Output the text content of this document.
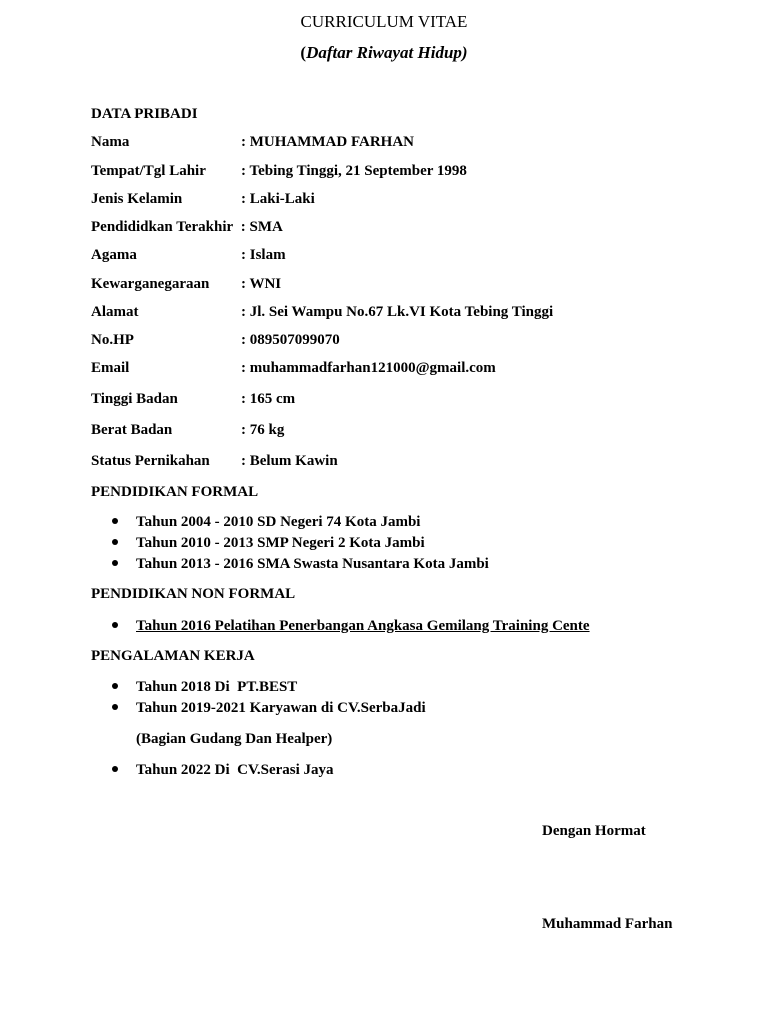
CURRICULUM VITAE
(Daftar Riwayat Hidup)
DATA PRIBADI
Nama	: MUHAMMAD FARHAN
Tempat/Tgl Lahir : Tebing Tinggi, 21 September 1998
Jenis Kelamin	: Laki-Laki
Pendididkan Terakhir : SMA
Agama	: Islam
Kewarganegaraan : WNI
Alamat	: Jl. Sei Wampu No.67 Lk.VI Kota Tebing Tinggi
No.HP	: 089507099070
Email	: muhammadfarhan121000@gmail.com
Tinggi Badan	: 165 cm
Berat Badan	: 76 kg
Status Pernikahan : Belum Kawin
PENDIDIKAN FORMAL
Tahun 2004 - 2010 SD Negeri 74 Kota Jambi
Tahun 2010 - 2013 SMP Negeri 2 Kota Jambi
Tahun 2013 - 2016 SMA Swasta Nusantara Kota Jambi
PENDIDIKAN NON FORMAL
Tahun 2016 Pelatihan Penerbangan Angkasa Gemilang Training Cente
PENGALAMAN KERJA
Tahun 2018 Di  PT.BEST
Tahun 2019-2021 Karyawan di CV.SerbaJadi
(Bagian Gudang Dan Healper)
Tahun 2022 Di  CV.Serasi Jaya
Dengan Hormat
Muhammad Farhan
